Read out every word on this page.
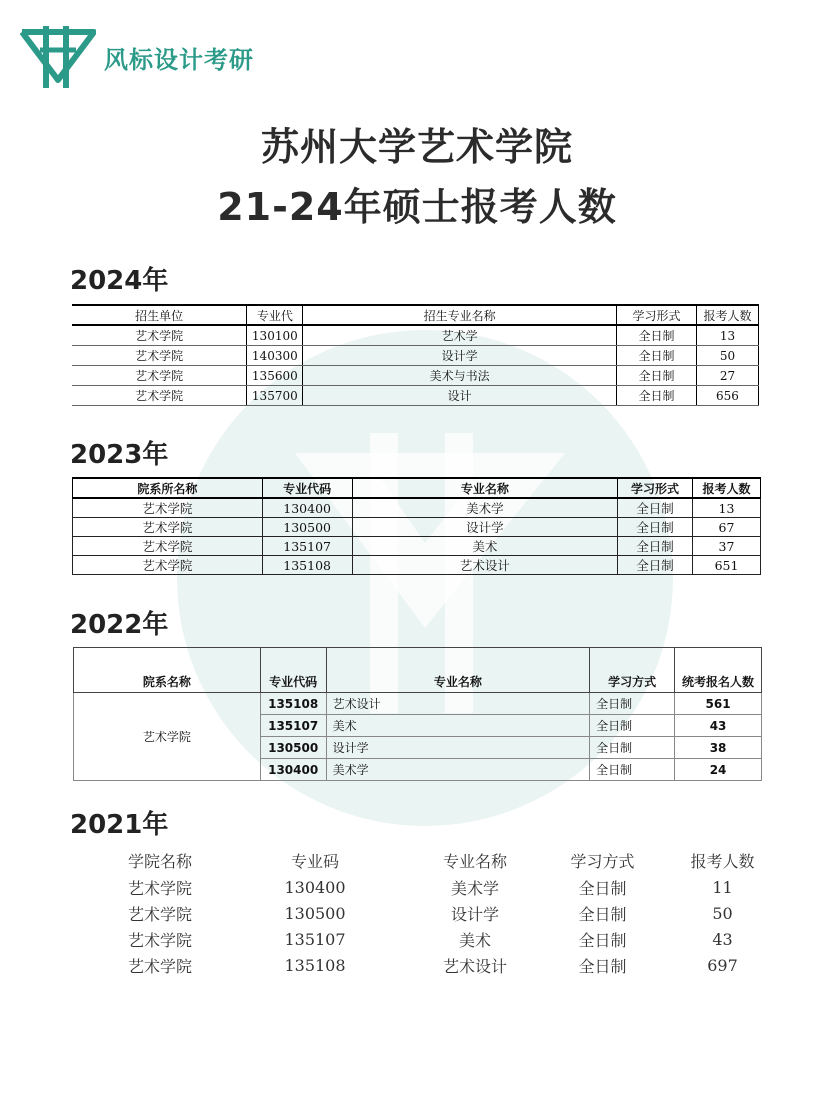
风标设计考研
苏州大学艺术学院
21-24年硕士报考人数
2024年
招生单位	专业代	招生专业名称	学习形式	报考人数
艺术学院	130100	艺术学	全日制	13
艺术学院	140300	设计学	全日制	50
艺术学院	135600	美术与书法	全日制	27
艺术学院	135700	设计	全日制	656
2023年
院系所名称	专业代码	专业名称	学习形式	报考人数
艺术学院	130400	美术学	全日制	13
艺术学院	130500	设计学	全日制	67
艺术学院	135107	美术	全日制	37
艺术学院	135108	艺术设计	全日制	651
2022年
院系名称	专业代码	专业名称	学习方式	统考报名人数
艺术学院	135108	艺术设计	全日制	561
	135107	美术	全日制	43
	130500	设计学	全日制	38
	130400	美术学	全日制	24
2021年
学院名称	专业码	专业名称	学习方式	报考人数
艺术学院	130400	美术学	全日制	11
艺术学院	130500	设计学	全日制	50
艺术学院	135107	美术	全日制	43
艺术学院	135108	艺术设计	全日制	697
